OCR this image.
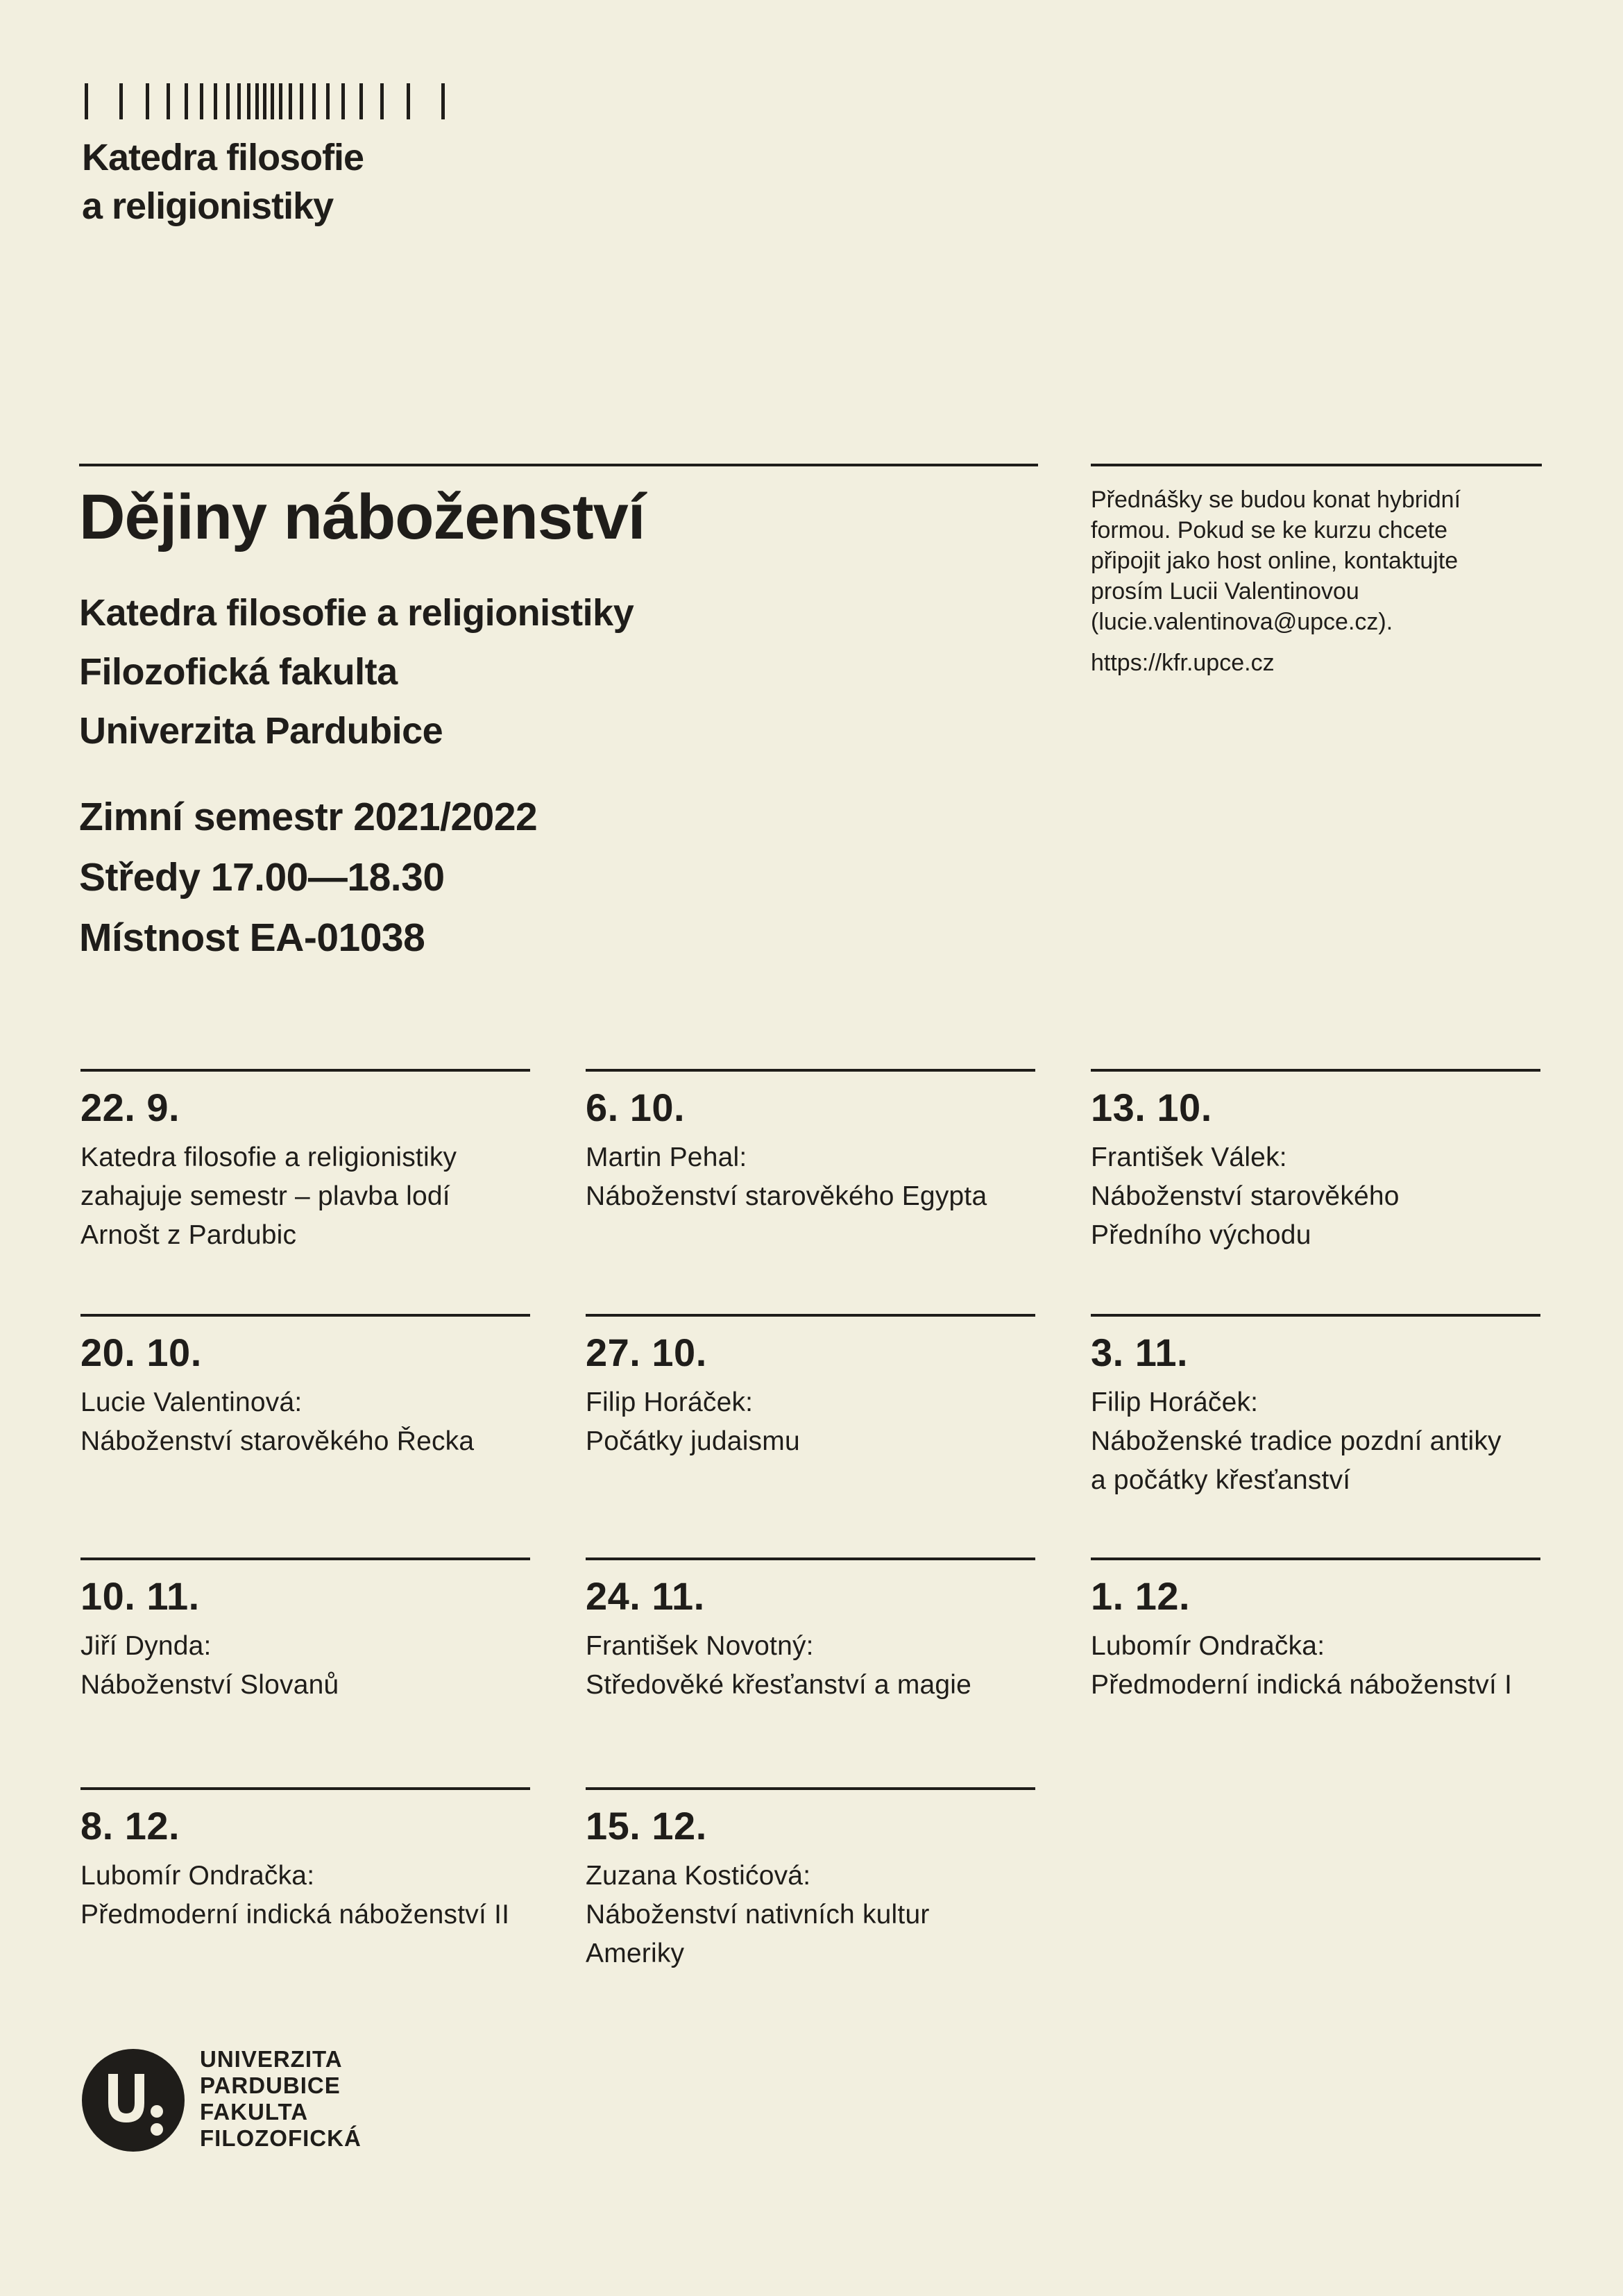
Katedra filosofie
a religionistiky
Dějiny náboženství
Katedra filosofie a religionistiky
Filozofická fakulta
Univerzita Pardubice
Zimní semestr 2021/2022
Středy 17.00—18.30
Místnost EA-01038
Přednášky se budou konat hybridní
formou. Pokud se ke kurzu chcete
připojit jako host online, kontaktujte
prosím Lucii Valentinovou
(lucie.valentinova@upce.cz).
https://kfr.upce.cz
22. 9.
Katedra filosofie a religionistiky
zahajuje semestr – plavba lodí
Arnošt z Pardubic
6. 10.
Martin Pehal:
Náboženství starověkého Egypta
13. 10.
František Válek:
Náboženství starověkého
Předního východu
20. 10.
Lucie Valentinová:
Náboženství starověkého Řecka
27. 10.
Filip Horáček:
Počátky judaismu
3. 11.
Filip Horáček:
Náboženské tradice pozdní antiky
a počátky křesťanství
10. 11.
Jiří Dynda:
Náboženství Slovanů
24. 11.
František Novotný:
Středověké křesťanství a magie
1. 12.
Lubomír Ondračka:
Předmoderní indická náboženství I
8. 12.
Lubomír Ondračka:
Předmoderní indická náboženství II
15. 12.
Zuzana Kostićová:
Náboženství nativních kultur
Ameriky
UNIVERZITA
PARDUBICE
FAKULTA
FILOZOFICKÁ
